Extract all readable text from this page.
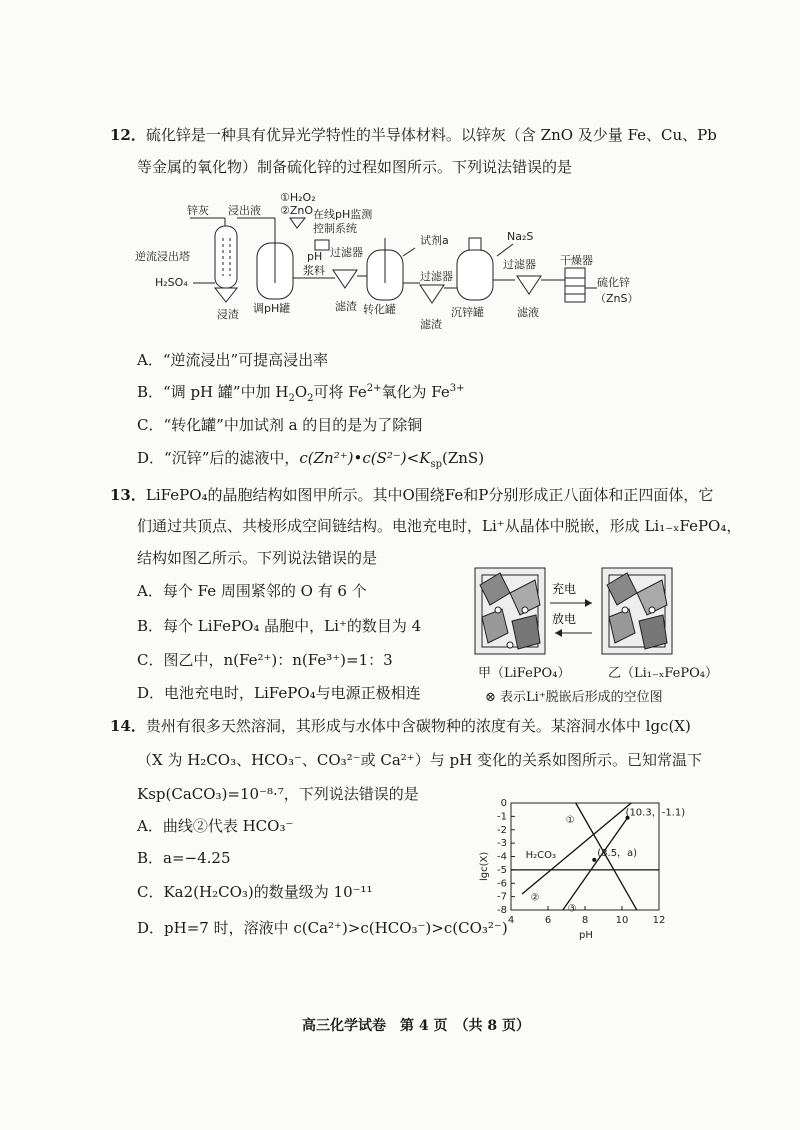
12．硫化锌是一种具有优异光学特性的半导体材料。以锌灰（含 ZnO 及少量 Fe、Cu、Pb
等金属的氧化物）制备硫化锌的过程如图所示。下列说法错误的是
锌灰 浸出液
逆流浸出塔
H₂SO₄
浸渣
①H₂O₂
②ZnO 在线pH监测
控制系统
pH
调pH罐
浆料
过滤器
滤渣 转化罐
试剂a
过滤器
滤渣
沉锌罐
Na₂S
过滤器
滤液
干燥器
硫化锌
（ZnS）
A．“逆流浸出”可提高浸出率
B．“调 pH 罐”中加 $H_2O_2$可将 $Fe^{2+}$氧化为 $Fe^{3+}$
C．“转化罐”中加试剂 a 的目的是为了除铜
D．“沉锌”后的滤液中，$c(Zn^{2+})•c(S^{2-})<K_{sp}(ZnS)$
13．LiFePO₄的晶胞结构如图甲所示。其中O围绕Fe和P分别形成正八面体和正四面体，它
们通过共顶点、共棱形成空间链结构。电池充电时，Li⁺从晶体中脱嵌，形成 Li₁₋ₓFePO₄，
结构如图乙所示。下列说法错误的是
A．每个 Fe 周围紧邻的 O 有 6 个
B．每个 LiFePO₄ 晶胞中，Li⁺的数目为 4
C．图乙中，n(Fe²⁺)：n(Fe³⁺)=1：3
D．电池充电时，LiFePO₄与电源正极相连
充电
放电
甲（LiFePO₄）	乙（Li₁₋ₓFePO₄）
⊗ 表示Li⁺脱嵌后形成的空位图
14．贵州有很多天然溶洞，其形成与水体中含碳物种的浓度有关。某溶洞水体中 lgc(X)
（X 为 H₂CO₃、HCO₃⁻、CO₃²⁻或 Ca²⁺）与 pH 变化的关系如图所示。已知常温下
Ksp(CaCO₃)=10⁻⁸·⁷，下列说法错误的是
A．曲线②代表 HCO₃⁻
B．a=−4.25
C．Ka2(H₂CO₃)的数量级为 10⁻¹¹
D．pH=7 时，溶液中 c(Ca²⁺)>c(HCO₃⁻)>c(CO₃²⁻)
0
-1
-2
-3
-4
-5
-6
-7
-8
4	6	8	10 12
①
②
③
(10.3，-1.1)
(8.5，a)
H₂CO₃
lgc(X)
pH
高三化学试卷　第 4 页　（共 8 页）
